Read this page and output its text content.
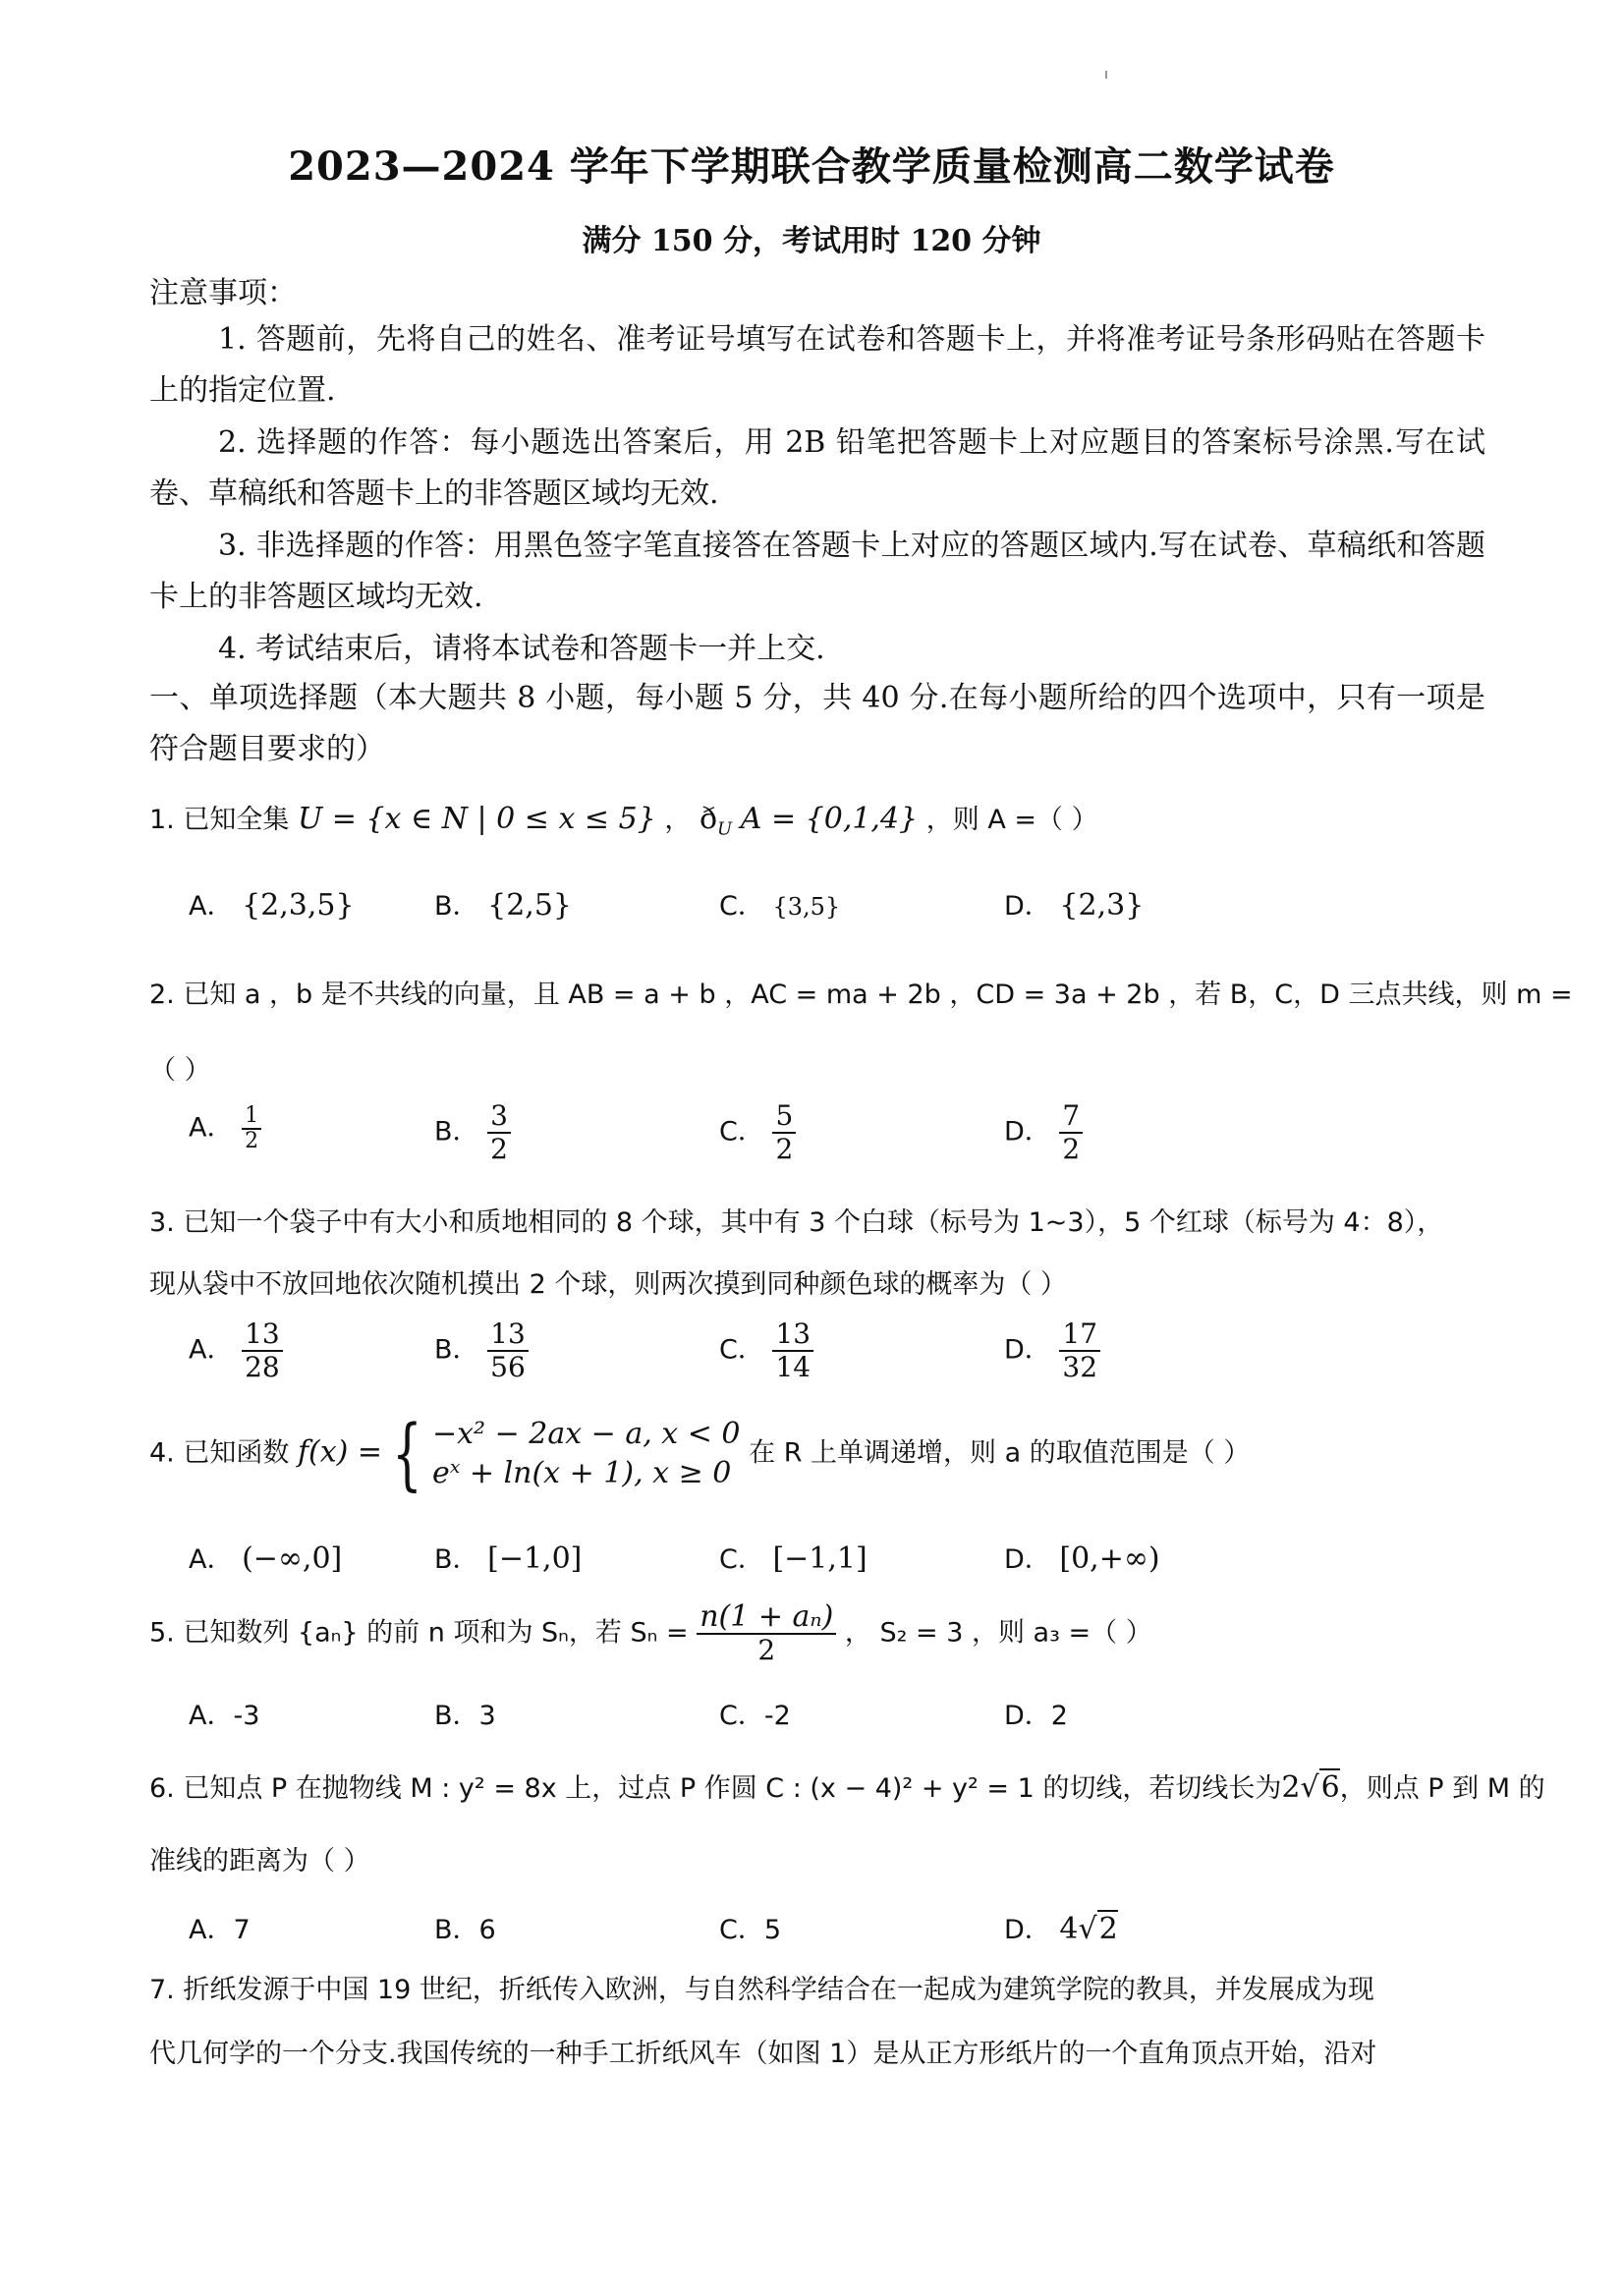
2023—2024 学年下学期联合教学质量检测高二数学试卷
满分 150 分，考试用时 120 分钟
注意事项：
1. 答题前，先将自己的姓名、准考证号填写在试卷和答题卡上，并将准考证号条形码贴在答题卡上的指定位置.
2. 选择题的作答：每小题选出答案后，用 2B 铅笔把答题卡上对应题目的答案标号涂黑.写在试卷、草稿纸和答题卡上的非答题区域均无效.
3. 非选择题的作答：用黑色签字笔直接答在答题卡上对应的答题区域内.写在试卷、草稿纸和答题卡上的非答题区域均无效.
4. 考试结束后，请将本试卷和答题卡一并上交.
一、单项选择题（本大题共 8 小题，每小题 5 分，共 40 分.在每小题所给的四个选项中，只有一项是符合题目要求的）
1. 已知全集 U = {x ∈ N | 0 ≤ x ≤ 5} ， $ð_U$ A = {0,1,4} ，则 A =（ ）
A． {2,3,5}	B． {2,5}	C． {3,5}	D． {2,3}
2. 已知 a ，b 是不共线的向量，且 AB = a + b ，AC = ma + 2b ，CD = 3a + 2b ，若 B，C，D 三点共线，则 m =
（ ）
A． $\frac{1}{2}$	B． $\frac{3}{2}$	C． $\frac{5}{2}$	D． $\frac{7}{2}$
3. 已知一个袋子中有大小和质地相同的 8 个球，其中有 3 个白球（标号为 1~3），5 个红球（标号为 4：8），
现从袋中不放回地依次随机摸出 2 个球，则两次摸到同种颜色球的概率为（ ）
A． $\frac{13}{28}$	B． $\frac{13}{56}$	C． $\frac{13}{14}$	D． $\frac{17}{32}$
4. 已知函数 f(x) = { −x² − 2ax − a, x < 0
eˣ + ln(x + 1), x ≥ 0
在 R 上单调递增，则 a 的取值范围是（ ）
A． (−∞,0]	B． [−1,0]	C． [−1,1]	D． [0,+∞)
5. 已知数列 {aₙ} 的前 n 项和为 Sₙ，若 $S_n = \frac{\text{n(1 + aₙ)}}{2}$ ， S₂ = 3 ，则 a₃ =（ ）
A．-3	B．3	C．-2	D．2
6. 已知点 P 在抛物线 M : y² = 8x 上，过点 P 作圆 C : (x − 4)² + y² = 1 的切线，若切线长为2√6，则点 P 到 M 的
准线的距离为（ ）
A．7	B．6	C．5	D． 4√2
7. 折纸发源于中国 19 世纪，折纸传入欧洲，与自然科学结合在一起成为建筑学院的教具，并发展成为现
代几何学的一个分支.我国传统的一种手工折纸风车（如图 1）是从正方形纸片的一个直角顶点开始，沿对
